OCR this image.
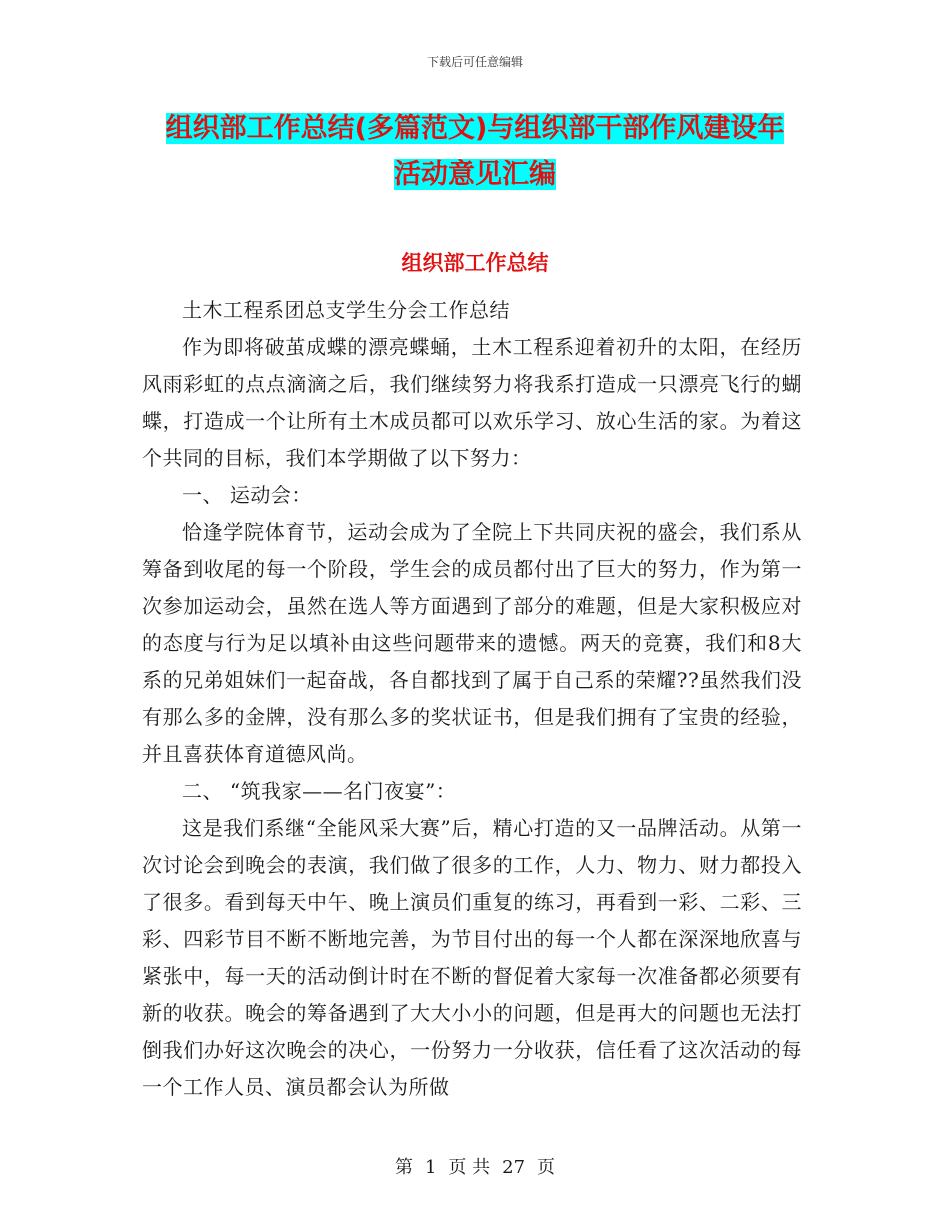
下载后可任意编辑
组织部工作总结(多篇范文)与组织部干部作风建设年
活动意见汇编
组织部工作总结

土木工程系团总支学生分会工作总结

作为即将破茧成蝶的漂亮蝶蛹，土木工程系迎着初升的太阳，在经历风雨彩虹的点点滴滴之后，我们继续努力将我系打造成一只漂亮飞行的蝴蝶，打造成一个让所有土木成员都可以欢乐学习、放心生活的家。为着这个共同的目标，我们本学期做了以下努力：

一、 运动会：

恰逢学院体育节，运动会成为了全院上下共同庆祝的盛会，我们系从筹备到收尾的每一个阶段，学生会的成员都付出了巨大的努力，作为第一次参加运动会，虽然在选人等方面遇到了部分的难题，但是大家积极应对的态度与行为足以填补由这些问题带来的遗憾。两天的竞赛，我们和8大系的兄弟姐妹们一起奋战，各自都找到了属于自己系的荣耀??虽然我们没有那么多的金牌，没有那么多的奖状证书，但是我们拥有了宝贵的经验，并且喜获体育道德风尚。

二、 “筑我家——名门夜宴”：

这是我们系继“全能风采大赛”后，精心打造的又一品牌活动。从第一次讨论会到晚会的表演，我们做了很多的工作，人力、物力、财力都投入了很多。看到每天中午、晚上演员们重复的练习，再看到一彩、二彩、三彩、四彩节目不断不断地完善，为节目付出的每一个人都在深深地欣喜与紧张中，每一天的活动倒计时在不断的督促着大家每一次准备都必须要有新的收获。晚会的筹备遇到了大大小小的问题，但是再大的问题也无法打倒我们办好这次晚会的决心，一份努力一分收获，信任看了这次活动的每一个工作人员、演员都会认为所做

第 1 页 共 27 页
